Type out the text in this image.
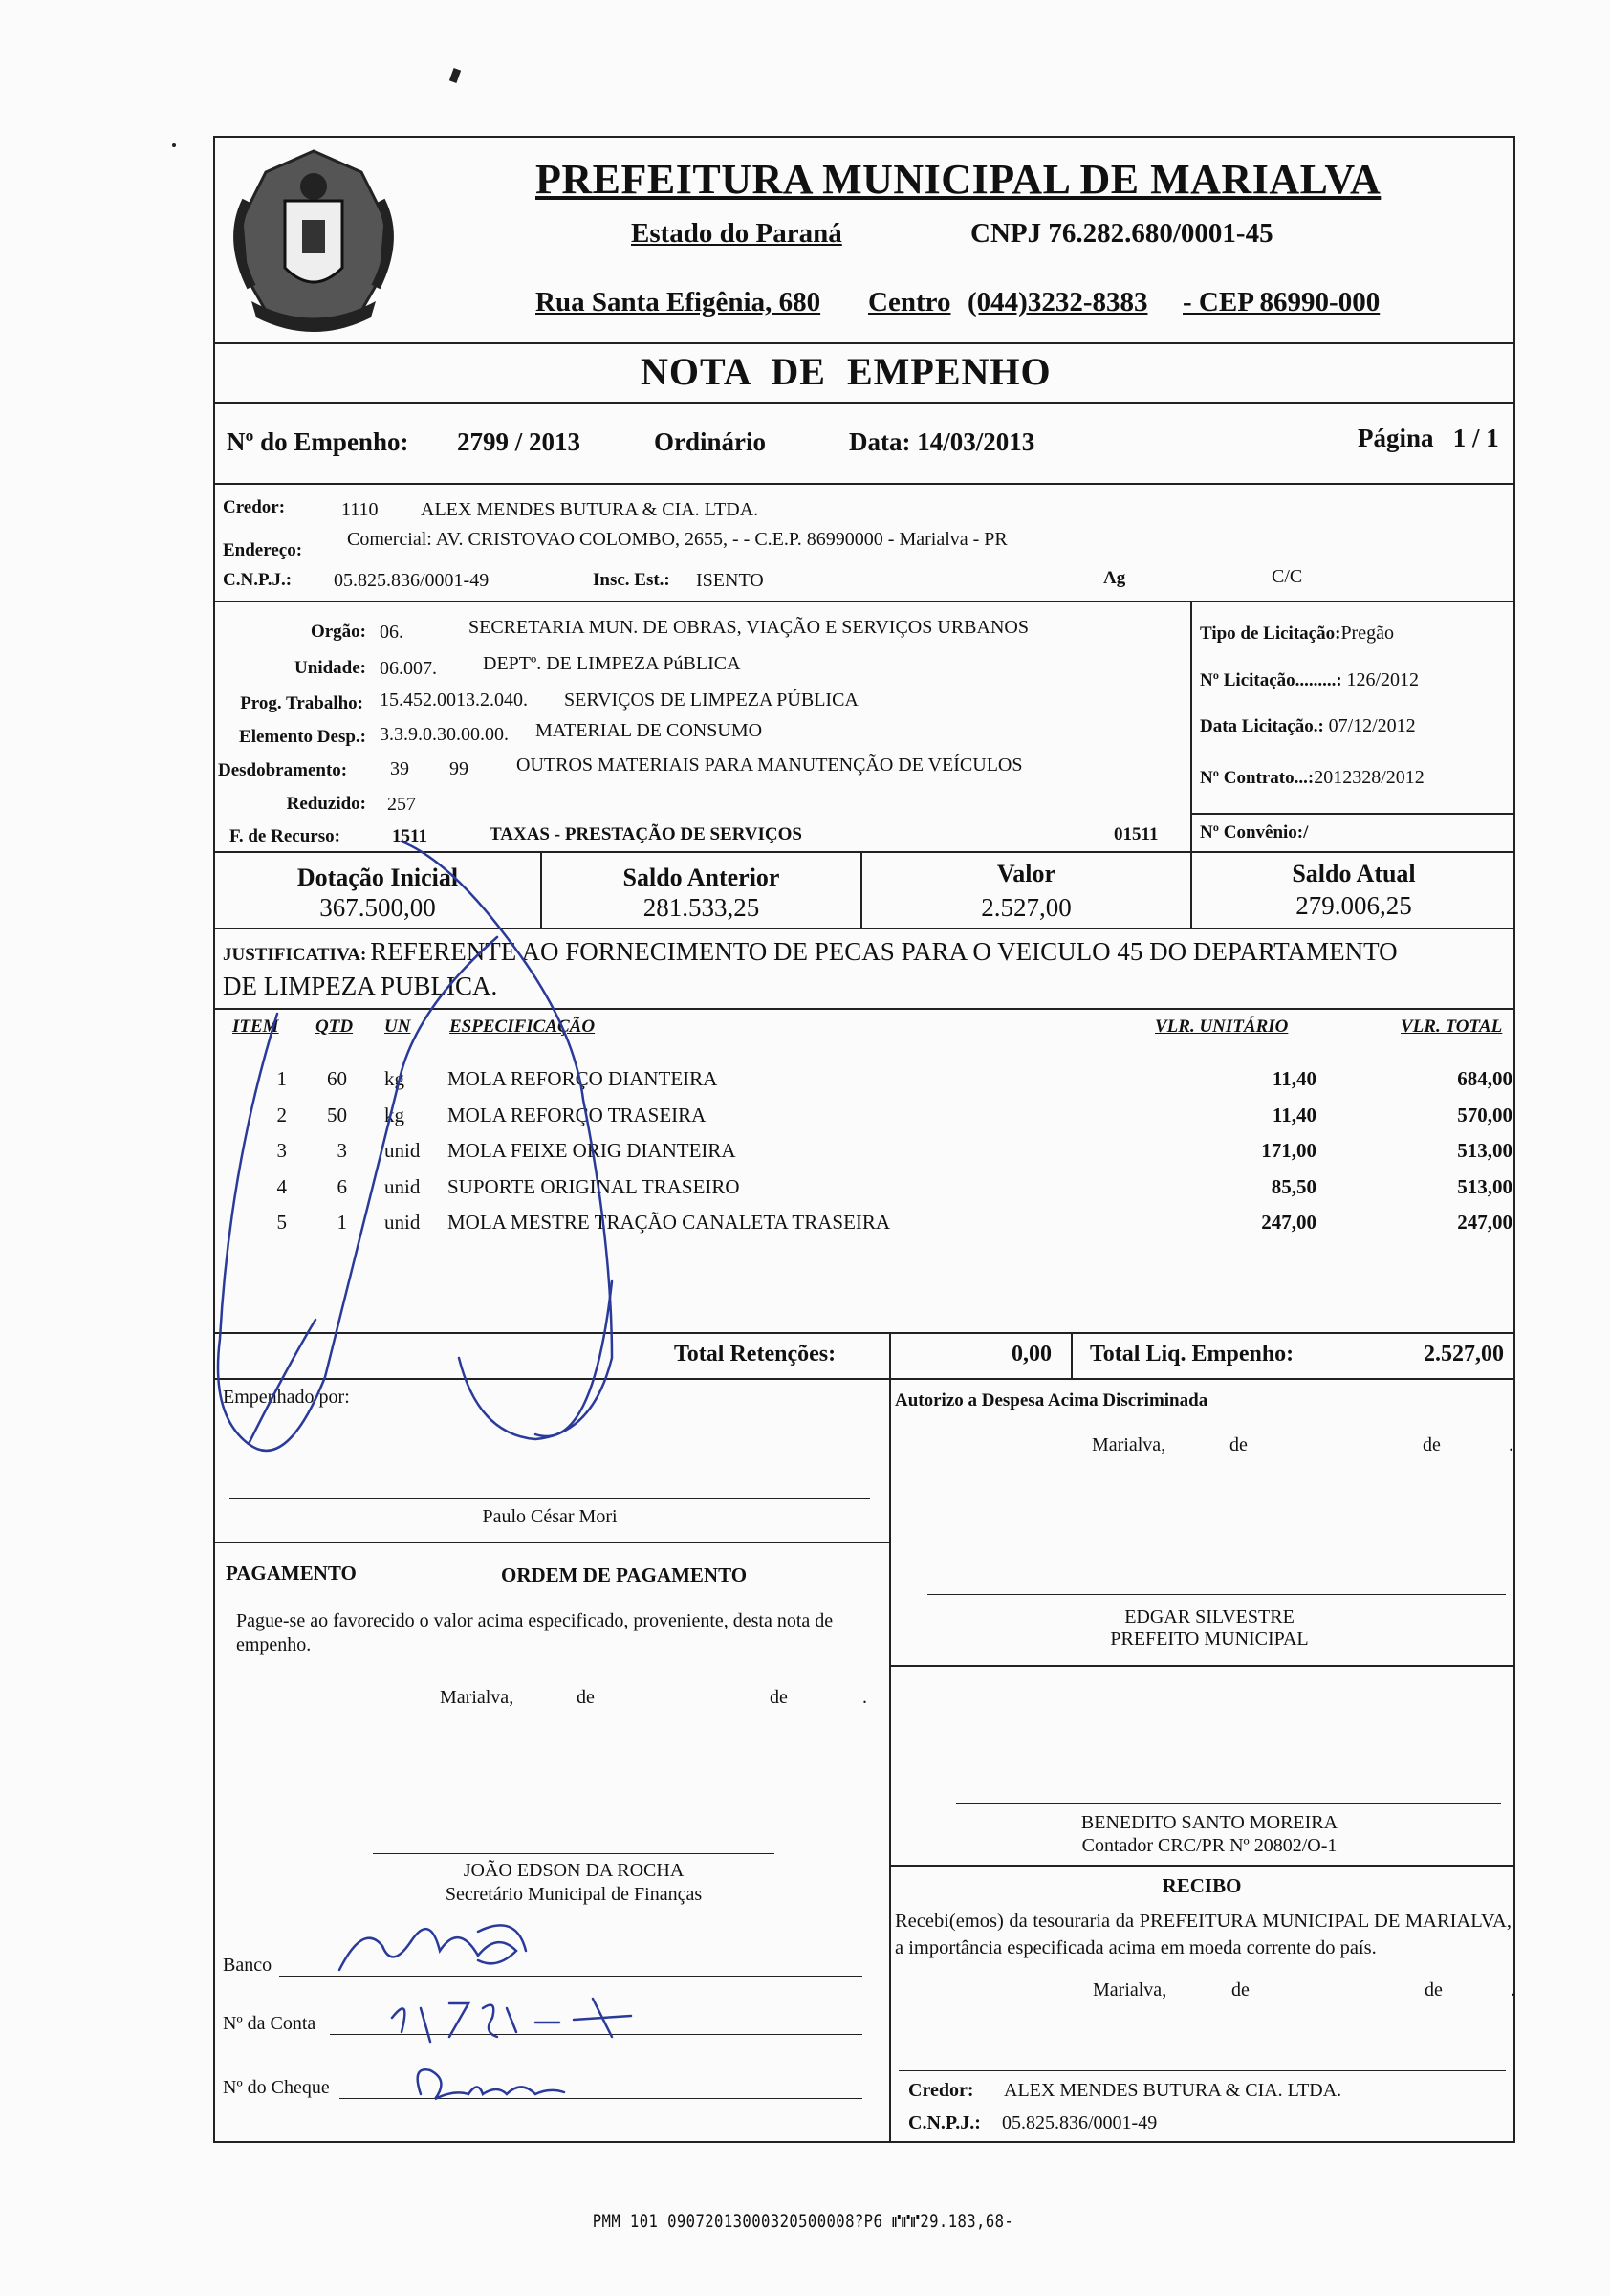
PREFEITURA MUNICIPAL DE MARIALVA
Estado do Paraná	CNPJ 76.282.680/0001-45
Rua Santa Efigênia, 680 Centro (044)3232-8383 - CEP 86990-000
NOTA  DE  EMPENHO
Nº do Empenho: 2799 / 2013	Ordinário	Data: 14/03/2013	Página   1 / 1
Credor:	1110 ALEX MENDES BUTURA & CIA. LTDA.
Endereço:
Comercial: AV. CRISTOVAO COLOMBO, 2655, - - C.E.P. 86990000 - Marialva - PR
C.N.P.J.: 05.825.836/0001-49	Insc. Est.: ISENTO	Ag	C/C
Orgão: 06.	SECRETARIA MUN. DE OBRAS, VIAÇÃO E SERVIÇOS URBANOS
Unidade: 06.007. DEPTº. DE LIMPEZA PúBLICA
Prog. Trabalho: 15.452.0013.2.040. SERVIÇOS DE LIMPEZA PÚBLICA
Elemento Desp.: 3.3.9.0.30.00.00. MATERIAL DE CONSUMO
Desdobramento: 39 99	OUTROS MATERIAIS PARA MANUTENÇÃO DE VEÍCULOS
Reduzido: 257
F. de Recurso:	1511	TAXAS - PRESTAÇÃO DE SERVIÇOS	01511
Tipo de Licitação:Pregão
Nº Licitação.........: 126/2012
Data Licitação.: 07/12/2012
Nº Contrato...:2012328/2012
Nº Convênio:/
Dotação Inicial
367.500,00
Saldo Anterior
281.533,25
Valor
2.527,00
Saldo Atual
279.006,25
JUSTIFICATIVA: REFERENTE AO FORNECIMENTO DE PECAS PARA O VEICULO 45 DO DEPARTAMENTO
DE LIMPEZA PUBLICA.
ITEM QTD UN ESPECIFICAÇÃO	VLR. UNITÁRIO	VLR. TOTAL
1	60 kg MOLA REFORÇO DIANTEIRA	11,40	684,00
2	50 kg MOLA REFORÇO TRASEIRA	11,40	570,00
3	3 unid MOLA FEIXE ORIG DIANTEIRA	171,00	513,00
4	6 unid SUPORTE ORIGINAL TRASEIRO	85,50	513,00
5	1 unid MOLA MESTRE TRAÇÃO CANALETA TRASEIRA	247,00	247,00
Total Retenções:	0,00 Total Liq. Empenho:	2.527,00
Empenhado por:
Paulo César Mori
PAGAMENTO	ORDEM DE PAGAMENTO
Pague-se ao favorecido o valor acima especificado, proveniente, desta nota de empenho.
Marialva,	de	de	.
JOÃO EDSON DA ROCHA
Secretário Municipal de Finanças
Banco
Nº da Conta
Nº do Cheque
Autorizo a Despesa Acima Discriminada
Marialva,	de	de	.
EDGAR SILVESTRE
PREFEITO MUNICIPAL
BENEDITO SANTO MOREIRA
Contador CRC/PR Nº 20802/O-1
RECIBO
Recebi(emos) da tesouraria da PREFEITURA MUNICIPAL DE MARIALVA, a importância especificada acima em moeda corrente do país.
Marialva,	de	de	.
Credor: ALEX MENDES BUTURA & CIA. LTDA.
C.N.P.J.: 05.825.836/0001-49
PMM 101 09072013000320500008?P6 ⑈⑈⑈29.183,68-
